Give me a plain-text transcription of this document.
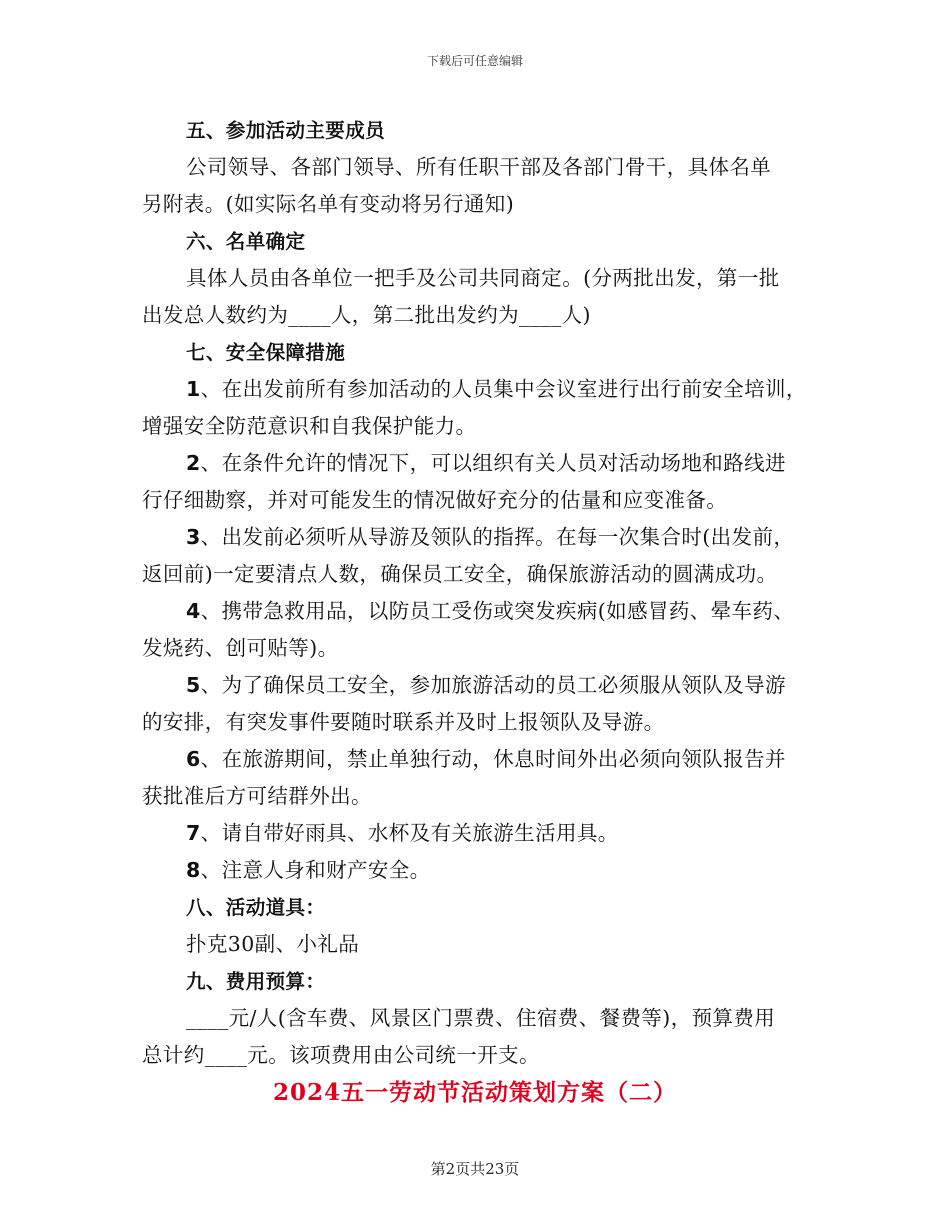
下载后可任意编辑
五、参加活动主要成员
公司领导、各部门领导、所有任职干部及各部门骨干，具体名单
另附表。(如实际名单有变动将另行通知)
六、名单确定
具体人员由各单位一把手及公司共同商定。(分两批出发，第一批
出发总人数约为____人，第二批出发约为____人)
七、安全保障措施
1、在出发前所有参加活动的人员集中会议室进行出行前安全培训，
增强安全防范意识和自我保护能力。
2、在条件允许的情况下，可以组织有关人员对活动场地和路线进
行仔细勘察，并对可能发生的情况做好充分的估量和应变准备。
3、出发前必须听从导游及领队的指挥。在每一次集合时(出发前，
返回前)一定要清点人数，确保员工安全，确保旅游活动的圆满成功。
4、携带急救用品，以防员工受伤或突发疾病(如感冒药、晕车药、
发烧药、创可贴等)。
5、为了确保员工安全，参加旅游活动的员工必须服从领队及导游
的安排，有突发事件要随时联系并及时上报领队及导游。
6、在旅游期间，禁止单独行动，休息时间外出必须向领队报告并
获批准后方可结群外出。
7、请自带好雨具、水杯及有关旅游生活用具。
8、注意人身和财产安全。
八、活动道具：
扑克30副、小礼品
九、费用预算：
____元/人(含车费、风景区门票费、住宿费、餐费等)，预算费用
总计约____元。该项费用由公司统一开支。
2024五一劳动节活动策划方案（二）
第2页共23页
